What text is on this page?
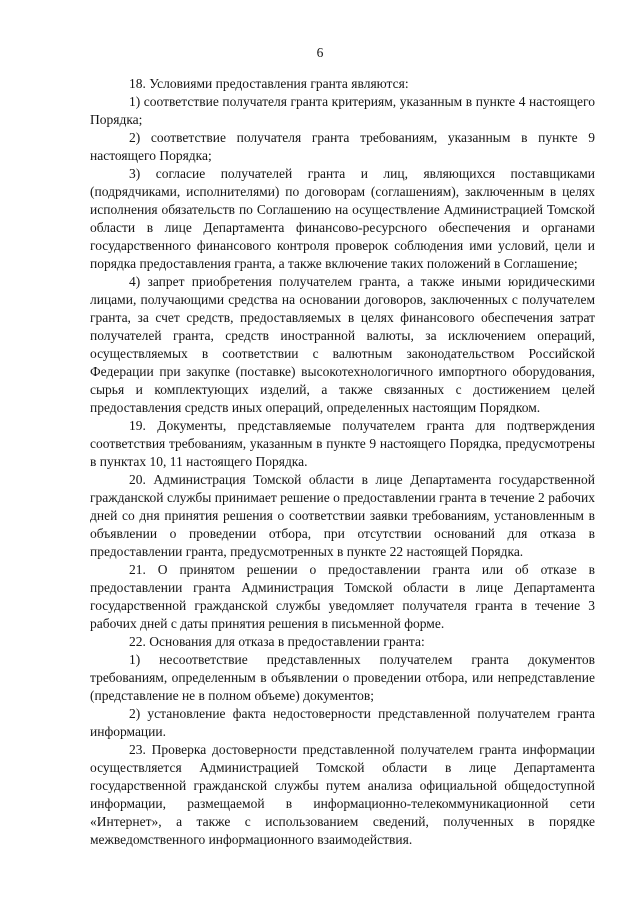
6

18. Условиями предоставления гранта являются:

1) соответствие получателя гранта критериям, указанным в пункте 4 настоящего Порядка;

2) соответствие получателя гранта требованиям, указанным в пункте 9 настоящего Порядка;

3) согласие получателей гранта и лиц, являющихся поставщиками (подрядчиками, исполнителями) по договорам (соглашениям), заключенным в целях исполнения обязательств по Соглашению на осуществление Администрацией Томской области в лице Департамента финансово-ресурсного обеспечения и органами государственного финансового контроля проверок соблюдения ими условий, цели и порядка предоставления гранта, а также включение таких положений в Соглашение;

4) запрет приобретения получателем гранта, а также иными юридическими лицами, получающими средства на основании договоров, заключенных с получателем гранта, за счет средств, предоставляемых в целях финансового обеспечения затрат получателей гранта, средств иностранной валюты, за исключением операций, осуществляемых в соответствии с валютным законодательством Российской Федерации при закупке (поставке) высокотехнологичного импортного оборудования, сырья и комплектующих изделий, а также связанных с достижением целей предоставления средств иных операций, определенных настоящим Порядком.

19. Документы, представляемые получателем гранта для подтверждения соответствия требованиям, указанным в пункте 9 настоящего Порядка, предусмотрены в пунктах 10, 11 настоящего Порядка.

20. Администрация Томской области в лице Департамента государственной гражданской службы принимает решение о предоставлении гранта в течение 2 рабочих дней со дня принятия решения о соответствии заявки требованиям, установленным в объявлении о проведении отбора, при отсутствии оснований для отказа в предоставлении гранта, предусмотренных в пункте 22 настоящей Порядка.

21. О принятом решении о предоставлении гранта или об отказе в предоставлении гранта Администрация Томской области в лице Департамента государственной гражданской службы уведомляет получателя гранта в течение 3 рабочих дней с даты принятия решения в письменной форме.

22. Основания для отказа в предоставлении гранта:

1) несоответствие представленных получателем гранта документов требованиям, определенным в объявлении о проведении отбора, или непредставление (представление не в полном объеме) документов;

2) установление факта недостоверности представленной получателем гранта информации.

23. Проверка достоверности представленной получателем гранта информации осуществляется Администрацией Томской области в лице Департамента государственной гражданской службы путем анализа официальной общедоступной информации, размещаемой в информационно-телекоммуникационной сети «Интернет», а также с использованием сведений, полученных в порядке межведомственного информационного взаимодействия.
